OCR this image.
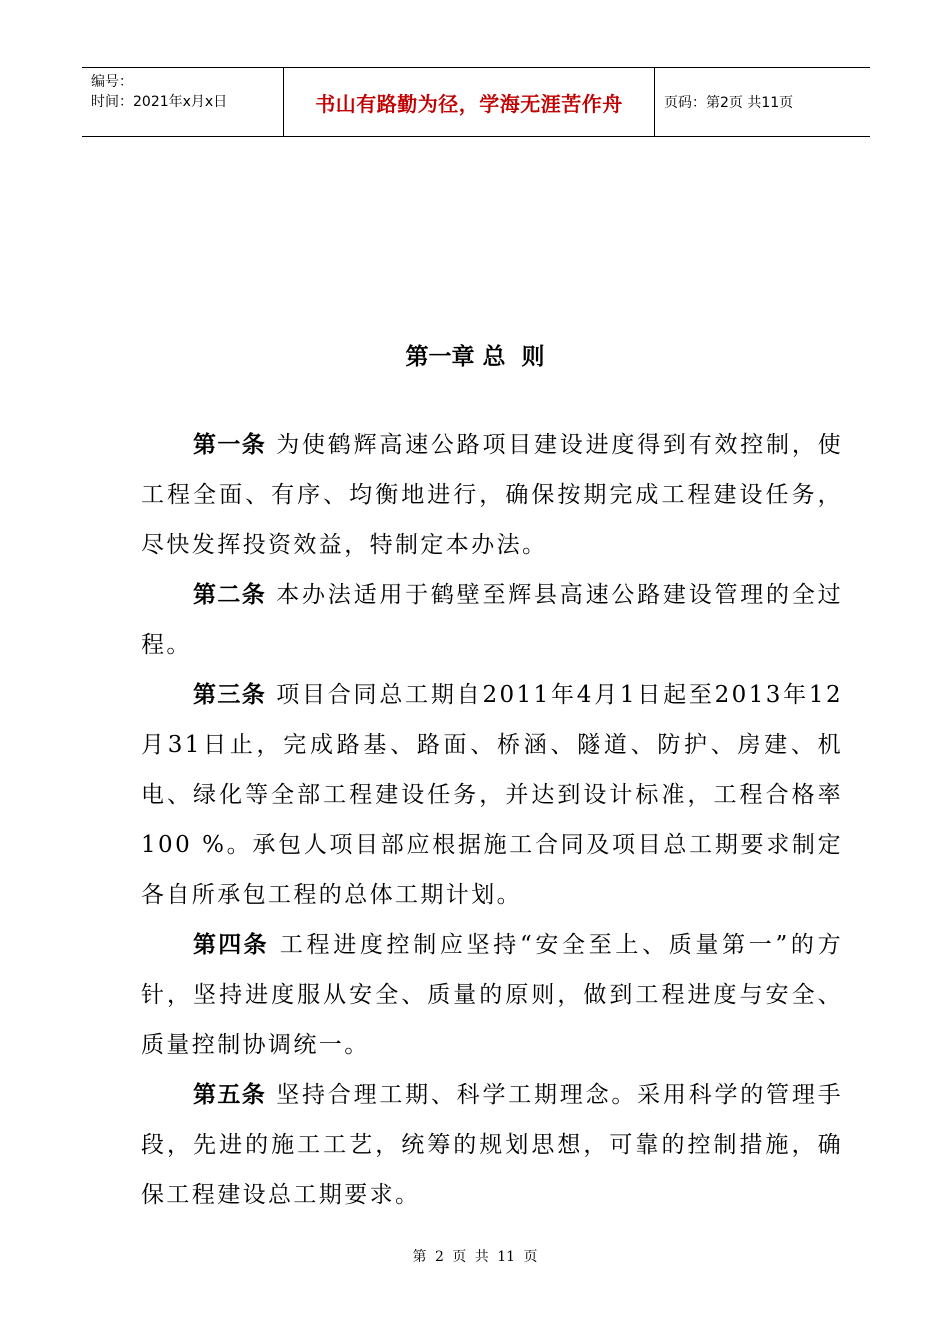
编号：
时间：2021年x月x日	书山有路勤为径，学海无涯苦作舟	页码：第2页 共11页
第一章 总  则

第一条 为使鹤辉高速公路项目建设进度得到有效控制，使工程全面、有序、均衡地进行，确保按期完成工程建设任务，尽快发挥投资效益，特制定本办法。

第二条 本办法适用于鹤壁至辉县高速公路建设管理的全过程。

第三条 项目合同总工期自2011年4月1日起至2013年12月31日止，完成路基、路面、桥涵、隧道、防护、房建、机电、绿化等全部工程建设任务，并达到设计标准，工程合格率100 %。承包人项目部应根据施工合同及项目总工期要求制定各自所承包工程的总体工期计划。

第四条 工程进度控制应坚持“安全至上、质量第一”的方针，坚持进度服从安全、质量的原则，做到工程进度与安全、质量控制协调统一。

第五条 坚持合理工期、科学工期理念。采用科学的管理手段，先进的施工工艺，统筹的规划思想，可靠的控制措施，确保工程建设总工期要求。

第 2 页 共 11 页
